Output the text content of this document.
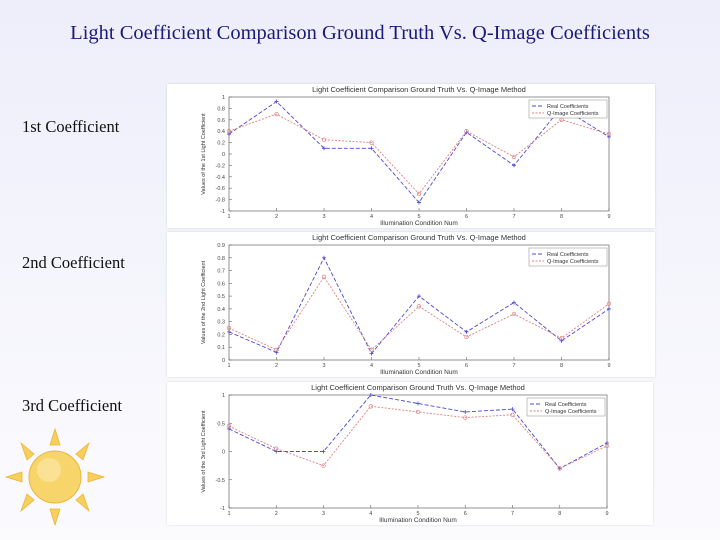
Light Coefficient Comparison Ground Truth Vs. Q-Image Coefficients
1st Coefficient
2nd Coefficient
3rd Coefficient
Light Coefficient Comparison Ground Truth Vs. Q-Image Method
-1
-0.8
-0.6
-0.4
-0.2
0
0.2
0.4
0.6
0.8
1
1	2	3	4	5	6	7	8	9
Illumination Condition Num
Values of the 1st Light Coefficient
Real Coefficients
Q-Image Coefficients
Light Coefficient Comparison Ground Truth Vs. Q-Image Method
0
0.1
0.2
0.3
0.4
0.5
0.6
0.7
0.8
0.9
1	2	3	4	5	6	7	8	9
Illumination Condition Num
Values of the 2nd Light Coefficient
Real Coefficients
Q-Image Coefficients
Light Coefficient Comparison Ground Truth Vs. Q-Image Method
-1
-0.5
0
0.5
1
1	2	3	4	5	6	7	8	9
Illumination Condition Num
Values of the 3rd Light Coefficient
Real Coefficients
Q-Image Coefficients
